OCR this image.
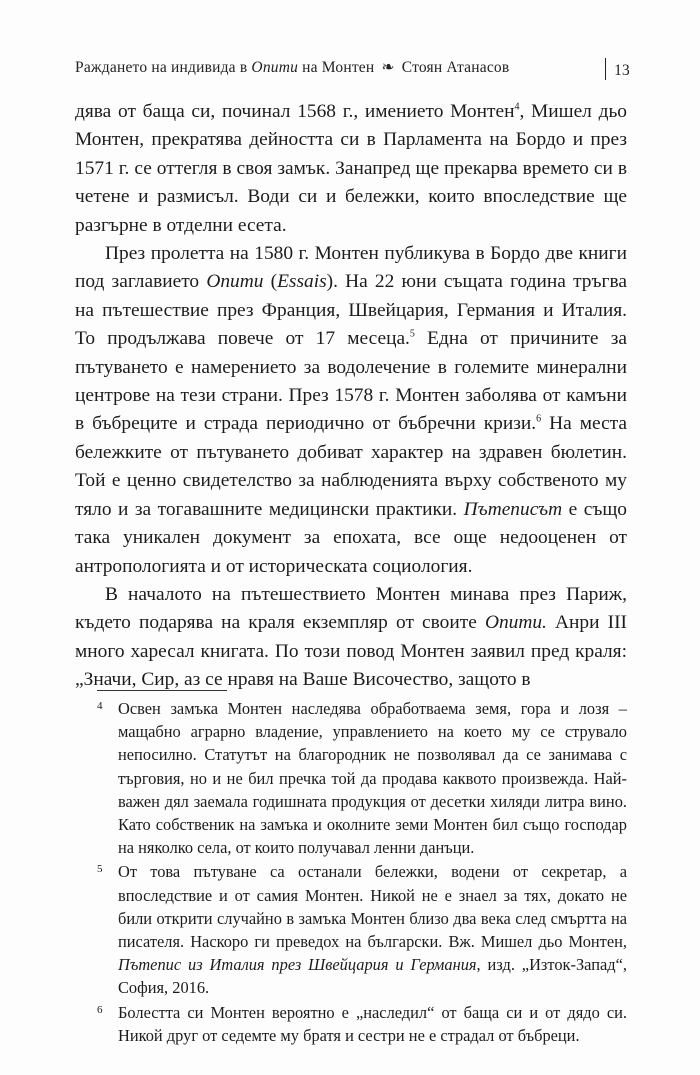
Раждането на индивида в Опити на Монтен ❧ Стоян Атанасов	13

дява от баща си, починал 1568 г., имението Монтен$^4$, Мишел дьо Монтен, прекратява дейността си в Парламента на Бордо и през 1571 г. се оттегля в своя замък. Занапред ще прекарва времето си в четене и размисъл. Води си и бележки, които впоследствие ще разгърне в отделни есета.

През пролетта на 1580 г. Монтен публикува в Бордо две книги под заглавието Опити (Essais). На 22 юни същата година тръгва на пътешествие през Франция, Швейцария, Германия и Италия. То продължава повече от 17 месеца.$^5$ Една от причините за пътуването е намерението за водолечение в големите минерални центрове на тези страни. През 1578 г. Монтен заболява от камъни в бъбреците и страда периодично от бъбречни кризи.$^6$ На места бележките от пътуването добиват характер на здравен бюлетин. Той е ценно свидетелство за наблюденията върху собственото му тяло и за тогавашните медицински практики. Пътеписът е също така уникален документ за епохата, все още недооценен от антропологията и от историческата социология.

В началото на пътешествието Монтен минава през Париж, където подарява на краля екземпляр от своите Опити. Анри III много харесал книгата. По този повод Монтен заявил пред краля: „Значи, Сир, аз се нравя на Ваше Височество, защото в

4 Освен замъка Монтен наследява обработваема земя, гора и лозя – мащабно аграрно владение, управлението на което му се струвало непосилно. Статутът на благородник не позволявал да се занимава с търговия, но и не бил пречка той да продава каквото произвежда. Най-важен дял заемала годишната продукция от десетки хиляди литра вино. Като собственик на замъка и околните земи Монтен бил също господар на няколко села, от които получавал ленни данъци.

5 От това пътуване са останали бележки, водени от секретар, а впоследствие и от самия Монтен. Никой не е знаел за тях, докато не били открити случайно в замъка Монтен близо два века след смъртта на писателя. Наскоро ги преведох на български. Вж. Мишел дьо Монтен, Пътепис из Италия през Швейцария и Германия, изд. „Изток-Запад“, София, 2016.

6 Болестта си Монтен вероятно е „наследил“ от баща си и от дядо си. Никой друг от седемте му братя и сестри не е страдал от бъбреци.
